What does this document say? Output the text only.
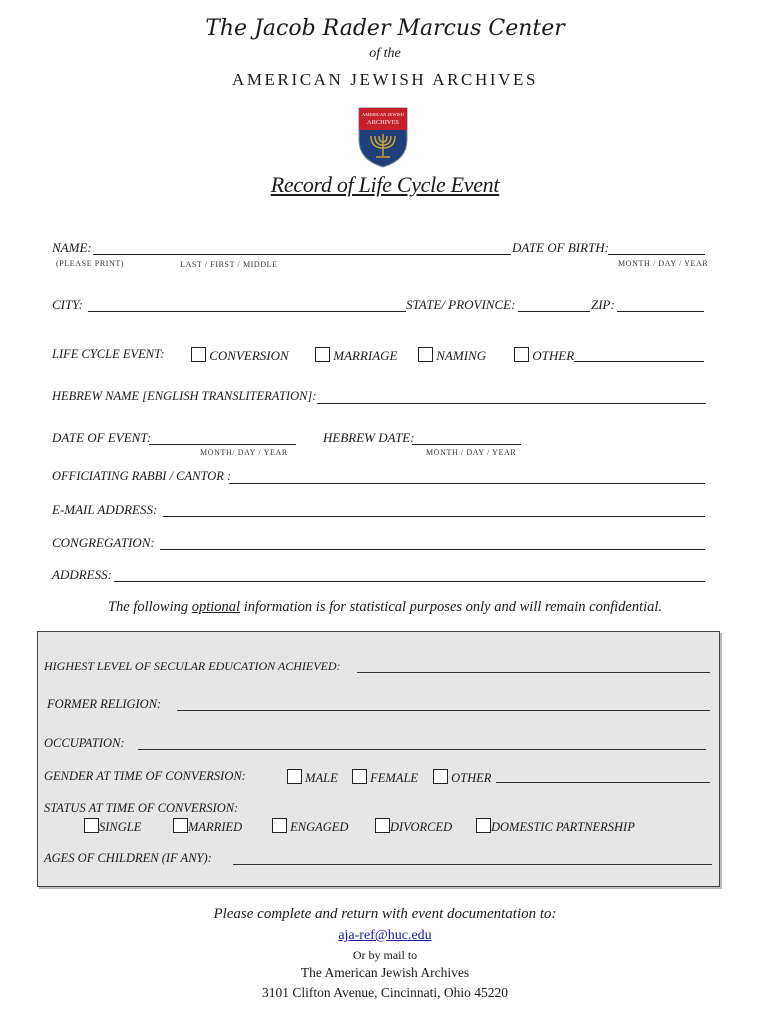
The Jacob Rader Marcus Center
of the
AMERICAN JEWISH ARCHIVES
AMERICAN JEWISH
ARCHIVES
Record of Life Cycle Event
NAME:	DATE OF BIRTH:
(PLEASE PRINT)	LAST / FIRST / MIDDLE	MONTH / DAY / YEAR
CITY:	STATE/ PROVINCE:	ZIP:
LIFE CYCLE EVENT:	CONVERSION	MARRIAGE	NAMING	OTHER
HEBREW NAME [ENGLISH TRANSLITERATION]:
DATE OF EVENT:	HEBREW DATE:
MONTH/ DAY / YEAR	MONTH / DAY / YEAR
OFFICIATING RABBI / CANTOR :
E-MAIL ADDRESS:
CONGREGATION:
ADDRESS:
The following optional information is for statistical purposes only and will remain confidential.
HIGHEST LEVEL OF SECULAR EDUCATION ACHIEVED:
FORMER RELIGION:
OCCUPATION:
GENDER AT TIME OF CONVERSION:	MALE	FEMALE	OTHER
STATUS AT TIME OF CONVERSION:
SINGLE	MARRIED	ENGAGED	DIVORCED	DOMESTIC PARTNERSHIP
AGES OF CHILDREN (IF ANY):
Please complete and return with event documentation to:
aja-ref@huc.edu
Or by mail to
The American Jewish Archives
3101 Clifton Avenue, Cincinnati, Ohio 45220
